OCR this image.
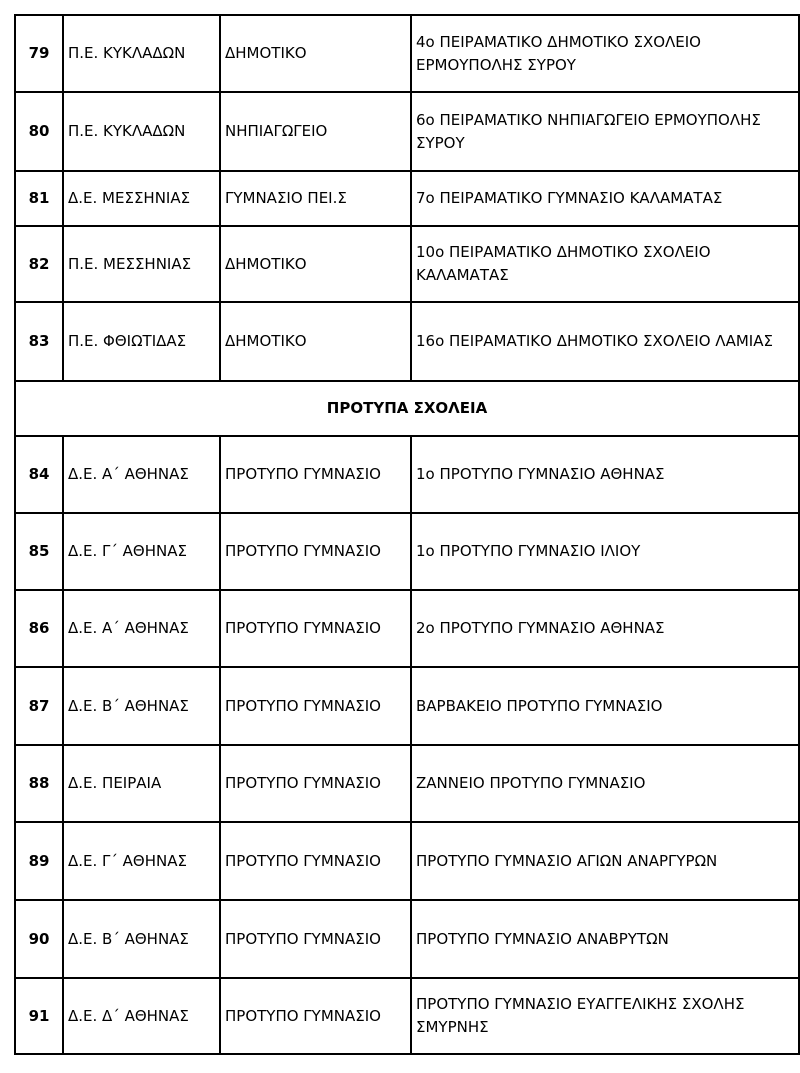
79	Π.Ε. ΚΥΚΛΑΔΩΝ	ΔΗΜΟΤΙΚΟ	4ο ΠΕΙΡΑΜΑΤΙΚΟ ΔΗΜΟΤΙΚΟ ΣΧΟΛΕΙΟ ΕΡΜΟΥΠΟΛΗΣ ΣΥΡΟΥ
80	Π.Ε. ΚΥΚΛΑΔΩΝ	ΝΗΠΙΑΓΩΓΕΙΟ	6ο ΠΕΙΡΑΜΑΤΙΚΟ ΝΗΠΙΑΓΩΓΕΙΟ ΕΡΜΟΥΠΟΛΗΣ ΣΥΡΟΥ
81	Δ.Ε. ΜΕΣΣΗΝΙΑΣ	ΓΥΜΝΑΣΙΟ ΠΕΙ.Σ	7ο ΠΕΙΡΑΜΑΤΙΚΟ ΓΥΜΝΑΣΙΟ ΚΑΛΑΜΑΤΑΣ
82	Π.Ε. ΜΕΣΣΗΝΙΑΣ	ΔΗΜΟΤΙΚΟ	10ο ΠΕΙΡΑΜΑΤΙΚΟ ΔΗΜΟΤΙΚΟ ΣΧΟΛΕΙΟ ΚΑΛΑΜΑΤΑΣ
83	Π.Ε. ΦΘΙΩΤΙΔΑΣ	ΔΗΜΟΤΙΚΟ	16ο ΠΕΙΡΑΜΑΤΙΚΟ ΔΗΜΟΤΙΚΟ ΣΧΟΛΕΙΟ ΛΑΜΙΑΣ
ΠΡΟΤΥΠΑ ΣΧΟΛΕΙΑ			
84	Δ.Ε. Α΄ ΑΘΗΝΑΣ	ΠΡΟΤΥΠΟ ΓΥΜΝΑΣΙΟ	1ο ΠΡΟΤΥΠΟ ΓΥΜΝΑΣΙΟ ΑΘΗΝΑΣ
85	Δ.Ε. Γ΄ ΑΘΗΝΑΣ	ΠΡΟΤΥΠΟ ΓΥΜΝΑΣΙΟ	1ο ΠΡΟΤΥΠΟ ΓΥΜΝΑΣΙΟ ΙΛΙΟΥ
86	Δ.Ε. Α΄ ΑΘΗΝΑΣ	ΠΡΟΤΥΠΟ ΓΥΜΝΑΣΙΟ	2ο ΠΡΟΤΥΠΟ ΓΥΜΝΑΣΙΟ ΑΘΗΝΑΣ
87	Δ.Ε. Β΄ ΑΘΗΝΑΣ	ΠΡΟΤΥΠΟ ΓΥΜΝΑΣΙΟ	ΒΑΡΒΑΚΕΙΟ ΠΡΟΤΥΠΟ ΓΥΜΝΑΣΙΟ
88	Δ.Ε. ΠΕΙΡΑΙΑ	ΠΡΟΤΥΠΟ ΓΥΜΝΑΣΙΟ	ΖΑΝΝΕΙΟ ΠΡΟΤΥΠΟ ΓΥΜΝΑΣΙΟ
89	Δ.Ε. Γ΄ ΑΘΗΝΑΣ	ΠΡΟΤΥΠΟ ΓΥΜΝΑΣΙΟ	ΠΡΟΤΥΠΟ ΓΥΜΝΑΣΙΟ ΑΓΙΩΝ ΑΝΑΡΓΥΡΩΝ
90	Δ.Ε. Β΄ ΑΘΗΝΑΣ	ΠΡΟΤΥΠΟ ΓΥΜΝΑΣΙΟ	ΠΡΟΤΥΠΟ ΓΥΜΝΑΣΙΟ ΑΝΑΒΡΥΤΩΝ
91	Δ.Ε. Δ΄ ΑΘΗΝΑΣ	ΠΡΟΤΥΠΟ ΓΥΜΝΑΣΙΟ	ΠΡΟΤΥΠΟ ΓΥΜΝΑΣΙΟ ΕΥΑΓΓΕΛΙΚΗΣ ΣΧΟΛΗΣ ΣΜΥΡΝΗΣ
